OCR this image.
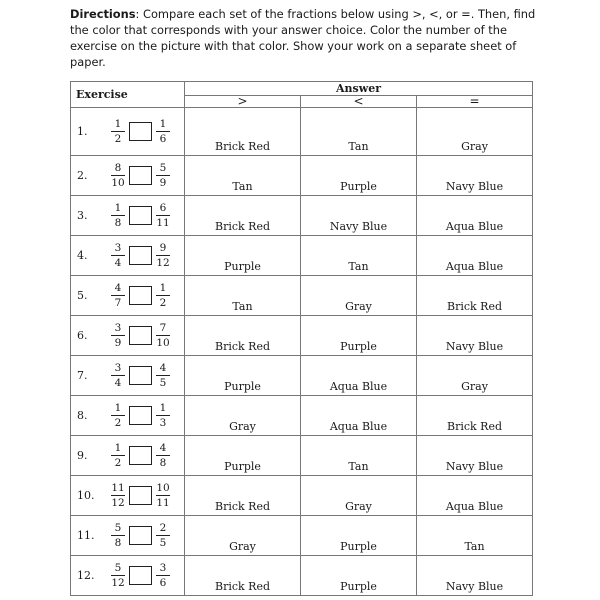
Directions: Compare each set of the fractions below using >, <, or =. Then, find the color that corresponds with your answer choice. Color the number of the exercise on the picture with that color. Show your work on a separate sheet of paper.
Exercise	Answer		
	>	<	=

1. $\frac{1}{2} \frac{1}{6}$	Brick Red	Tan	Gray

2. $\frac{8}{10} \frac{5}{9}$	Tan	Purple	Navy Blue

3. $\frac{1}{8} \frac{6}{11}$	Brick Red	Navy Blue	Aqua Blue

4. $\frac{3}{4} \frac{9}{12}$	Purple	Tan	Aqua Blue

5. $\frac{4}{7} \frac{1}{2}$	Tan	Gray	Brick Red

6. $\frac{3}{9} \frac{7}{10}$	Brick Red	Purple	Navy Blue

7. $\frac{3}{4} \frac{4}{5}$	Purple	Aqua Blue	Gray

8. $\frac{1}{2} \frac{1}{3}$	Gray	Aqua Blue	Brick Red

9. $\frac{1}{2} \frac{4}{8}$	Purple	Tan	Navy Blue

10. $\frac{11}{12} \frac{10}{11}$	Brick Red	Gray	Aqua Blue

11. $\frac{5}{8} \frac{2}{5}$	Gray	Purple	Tan

12. $\frac{5}{12} \frac{3}{6}$	Brick Red	Purple	Navy Blue
